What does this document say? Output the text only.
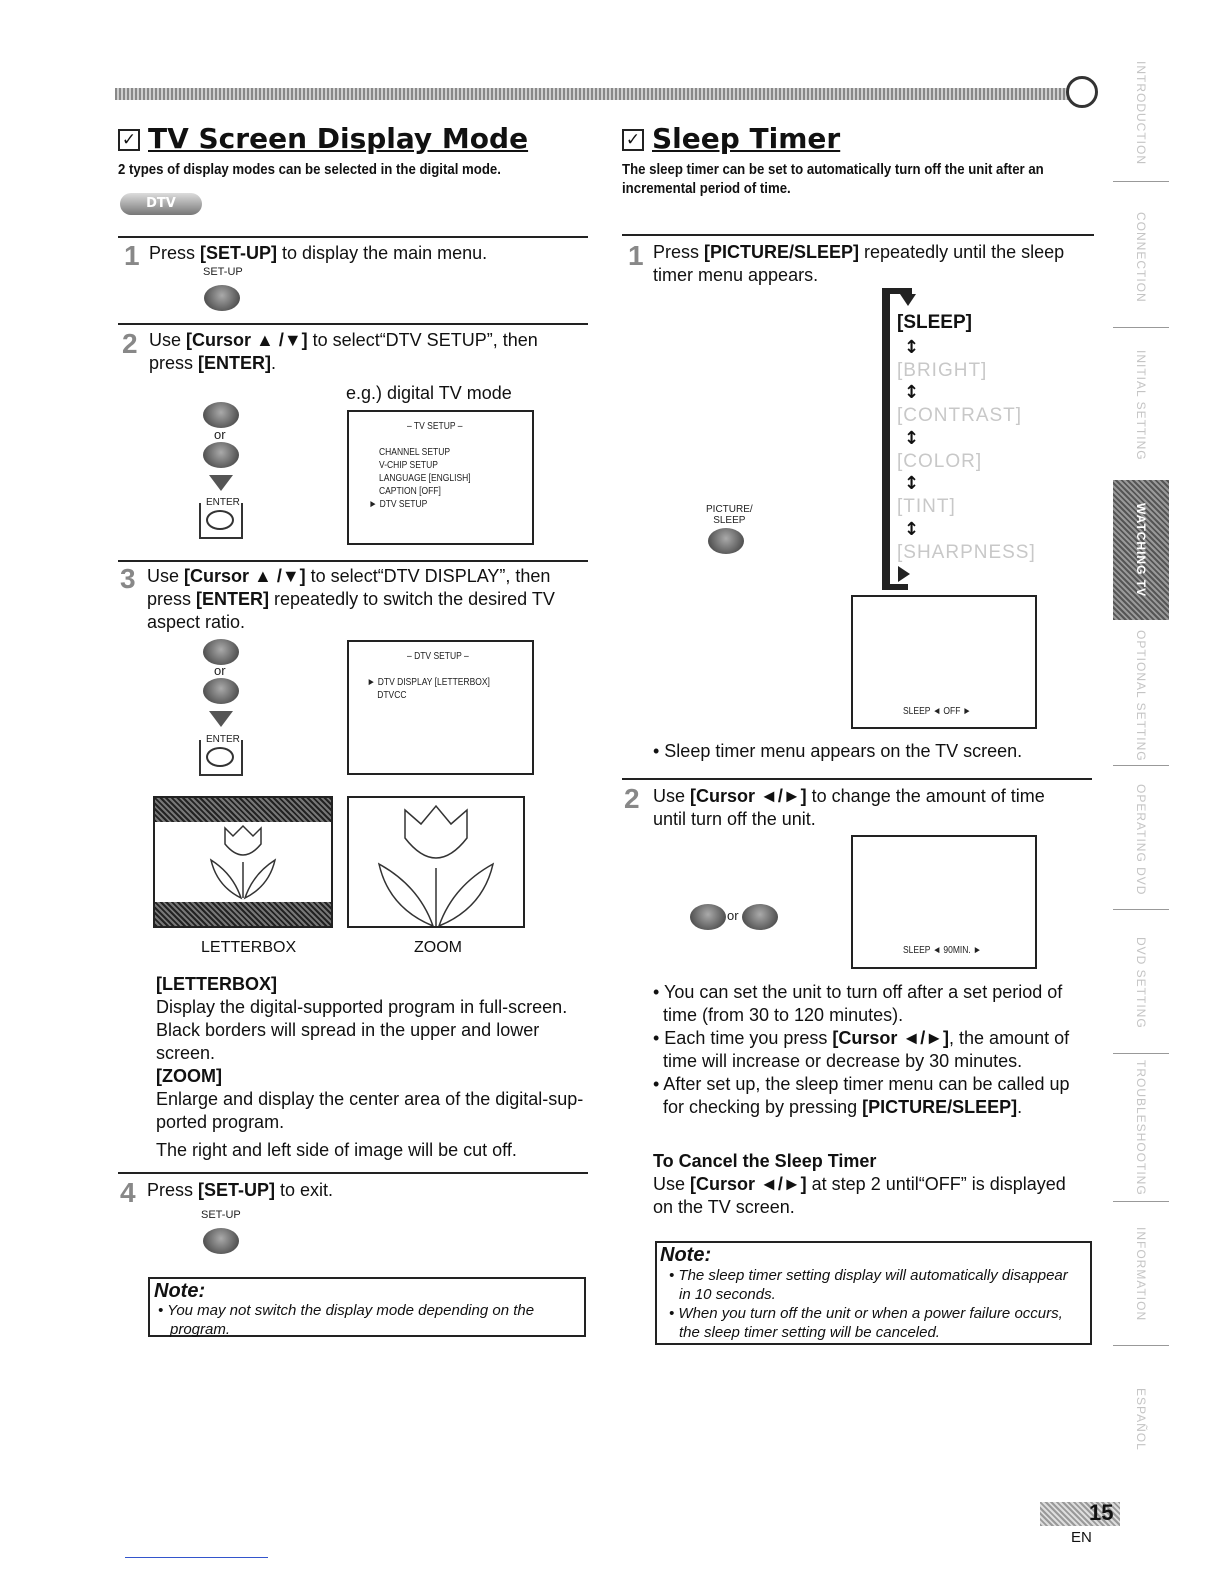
✓ TV Screen Display Mode
2 types of display modes can be selected in the digital mode.
DTV
1 Press [SET-UP] to display the main menu.
SET-UP
2 Use [Cursor ▲ /▼] to select“DTV SETUP”, then
press [ENTER].
e.g.) digital TV mode
or
ENTER
– TV SETUP –
CHANNEL SETUP
V-CHIP SETUP
LANGUAGE [ENGLISH]
CAPTION [OFF]
► DTV SETUP
3 Use [Cursor ▲ /▼] to select“DTV DISPLAY”, then
press [ENTER] repeatedly to switch the desired TV
aspect ratio.
or
ENTER
– DTV SETUP –
► DTV DISPLAY [LETTERBOX]
DTVCC
LETTERBOX	ZOOM
[LETTERBOX]
Display the digital-supported program in full-screen.
Black borders will spread in the upper and lower
screen.
[ZOOM]
Enlarge and display the center area of the digital-sup-
ported program.
The right and left side of image will be cut off.
4 Press [SET-UP] to exit.
SET-UP
Note:
• You may not switch the display mode depending on the
program.
✓ Sleep Timer
The sleep timer can be set to automatically turn off the unit after an
incremental period of time.
1 Press [PICTURE/SLEEP] repeatedly until the sleep
timer menu appears.
[SLEEP]
↕
[BRIGHT]
↕
[CONTRAST]
↕
[COLOR]
↕
[TINT]
↕
[SHARPNESS]
PICTURE/
SLEEP
SLEEP ◄ OFF ►
• Sleep timer menu appears on the TV screen.
2 Use [Cursor ◄/►] to change the amount of time
until turn off the unit.
or
SLEEP ◄ 90MIN. ►
• You can set the unit to turn off after a set period of
time (from 30 to 120 minutes).
• Each time you press [Cursor ◄/►], the amount of
time will increase or decrease by 30 minutes.
• After set up, the sleep timer menu can be called up
for checking by pressing [PICTURE/SLEEP].
To Cancel the Sleep Timer
Use [Cursor ◄/►] at step 2 until“OFF” is displayed
on the TV screen.
Note:
• The sleep timer setting display will automatically disappear
in 10 seconds.
• When you turn off the unit or when a power failure occurs,
the sleep timer setting will be canceled.
INTRODUCTION
CONNECTION
INITIAL SETTING
WATCHING TV
OPTIONAL SETTING
OPERATING DVD
DVD SETTING
TROUBLESHOOTING
INFORMATION
ESPAÑOL
15
EN
